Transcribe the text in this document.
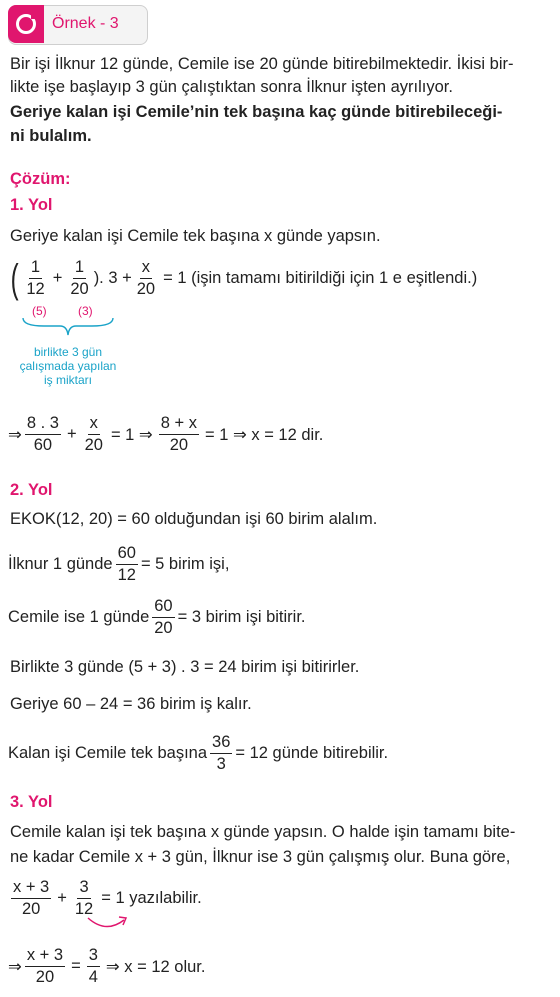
Örnek - 3
Bir işi İlknur 12 günde, Cemile ise 20 günde bitirebilmektedir. İkisi bir-
likte işe başlayıp 3 gün çalıştıktan sonra İlknur işten ayrılıyor.
Geriye kalan işi Cemile’nin tek başına kaç günde bitirebileceği-
ni bulalım.
Çözüm:
1. Yol
Geriye kalan işi Cemile tek başına x günde yapsın.
( $\frac{1}{12} + \frac{1}{20}$ ). $3 + \frac{x}{20} = 1$ (işin tamamı bitirildiği için 1 e eşitlendi.)
(5)	(3)
birlikte 3 gün
çalışmada yapılan
iş miktarı
⇒ $\frac{8 . 3}{60} + \frac{x}{20} = 1$ ⇒ $\frac{8 + x}{20} = 1$ ⇒ x = 12 dir.
2. Yol
EKOK(12, 20) = 60 olduğundan işi 60 birim alalım.
İlknur 1 günde $\frac{60}{12} = 5$ birim işi,
Cemile ise 1 günde $\frac{60}{20} = 3$ birim işi bitirir.
Birlikte 3 günde (5 + 3) . 3 = 24 birim işi bitirirler.
Geriye 60 – 24 = 36 birim iş kalır.
Kalan işi Cemile tek başına $\frac{36}{3} = 12$ günde bitirebilir.
3. Yol
Cemile kalan işi tek başına x günde yapsın. O halde işin tamamı bite-
ne kadar Cemile x + 3 gün, İlknur ise 3 gün çalışmış olur. Buna göre,
$\frac{x + 3}{20} + \frac{3}{12} = 1$ yazılabilir.
⇒ $\frac{x + 3}{20} = \frac{3}{4}$ ⇒ x = 12 olur.
